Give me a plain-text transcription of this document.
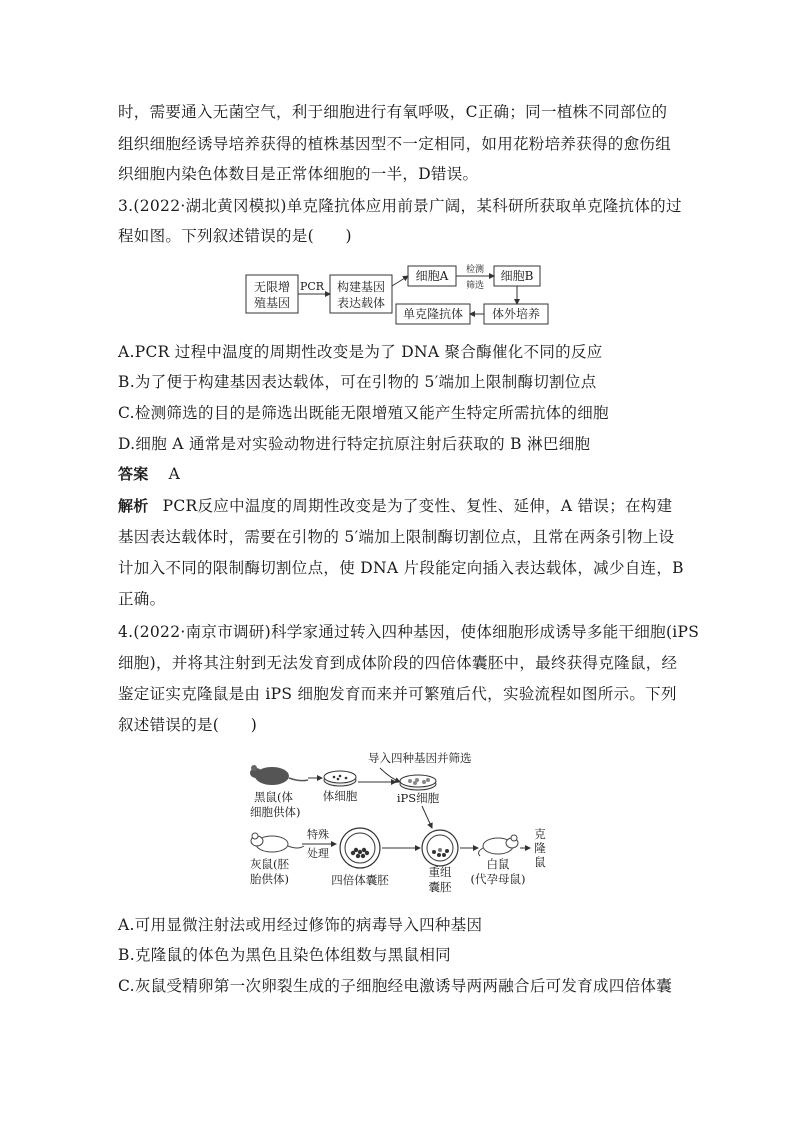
时，需要通入无菌空气，利于细胞进行有氧呼吸，C正确；同一植株不同部位的
组织细胞经诱导培养获得的植株基因型不一定相同，如用花粉培养获得的愈伤组
织细胞内染色体数目是正常体细胞的一半，D错误。
3.(2022·湖北黄冈模拟)单克隆抗体应用前景广阔，某科研所获取单克隆抗体的过
程如图。下列叙述错误的是(　　)
无限增
殖基因
PCR 构建基因
表达载体
细胞A 检测
筛选
细胞B
体外培养
单克隆抗体
A.PCR 过程中温度的周期性改变是为了 DNA 聚合酶催化不同的反应
B.为了便于构建基因表达载体，可在引物的 5′端加上限制酶切割位点
C.检测筛选的目的是筛选出既能无限增殖又能产生特定所需抗体的细胞
D.细胞 A 通常是对实验动物进行特定抗原注射后获取的 B 淋巴细胞
答案 A
解析 PCR反应中温度的周期性改变是为了变性、复性、延伸，A 错误；在构建
基因表达载体时，需要在引物的 5′端加上限制酶切割位点，且常在两条引物上设
计加入不同的限制酶切割位点，使 DNA 片段能定向插入表达载体，减少自连，B
正确。
4.(2022·南京市调研)科学家通过转入四种基因，使体细胞形成诱导多能干细胞(iPS
细胞)，并将其注射到无法发育到成体阶段的四倍体囊胚中，最终获得克隆鼠，经
鉴定证实克隆鼠是由 iPS 细胞发育而来并可繁殖后代，实验流程如图所示。下列
叙述错误的是(　　)
导入四种基因并筛选
黑鼠(体
细胞供体)
体细胞	iPS细胞
灰鼠(胚
胎供体)
特殊
处理
四倍体囊胚
重组
囊胚
白鼠
(代孕母鼠)
克
隆
鼠
A.可用显微注射法或用经过修饰的病毒导入四种基因
B.克隆鼠的体色为黑色且染色体组数与黑鼠相同
C.灰鼠受精卵第一次卵裂生成的子细胞经电激诱导两两融合后可发育成四倍体囊
